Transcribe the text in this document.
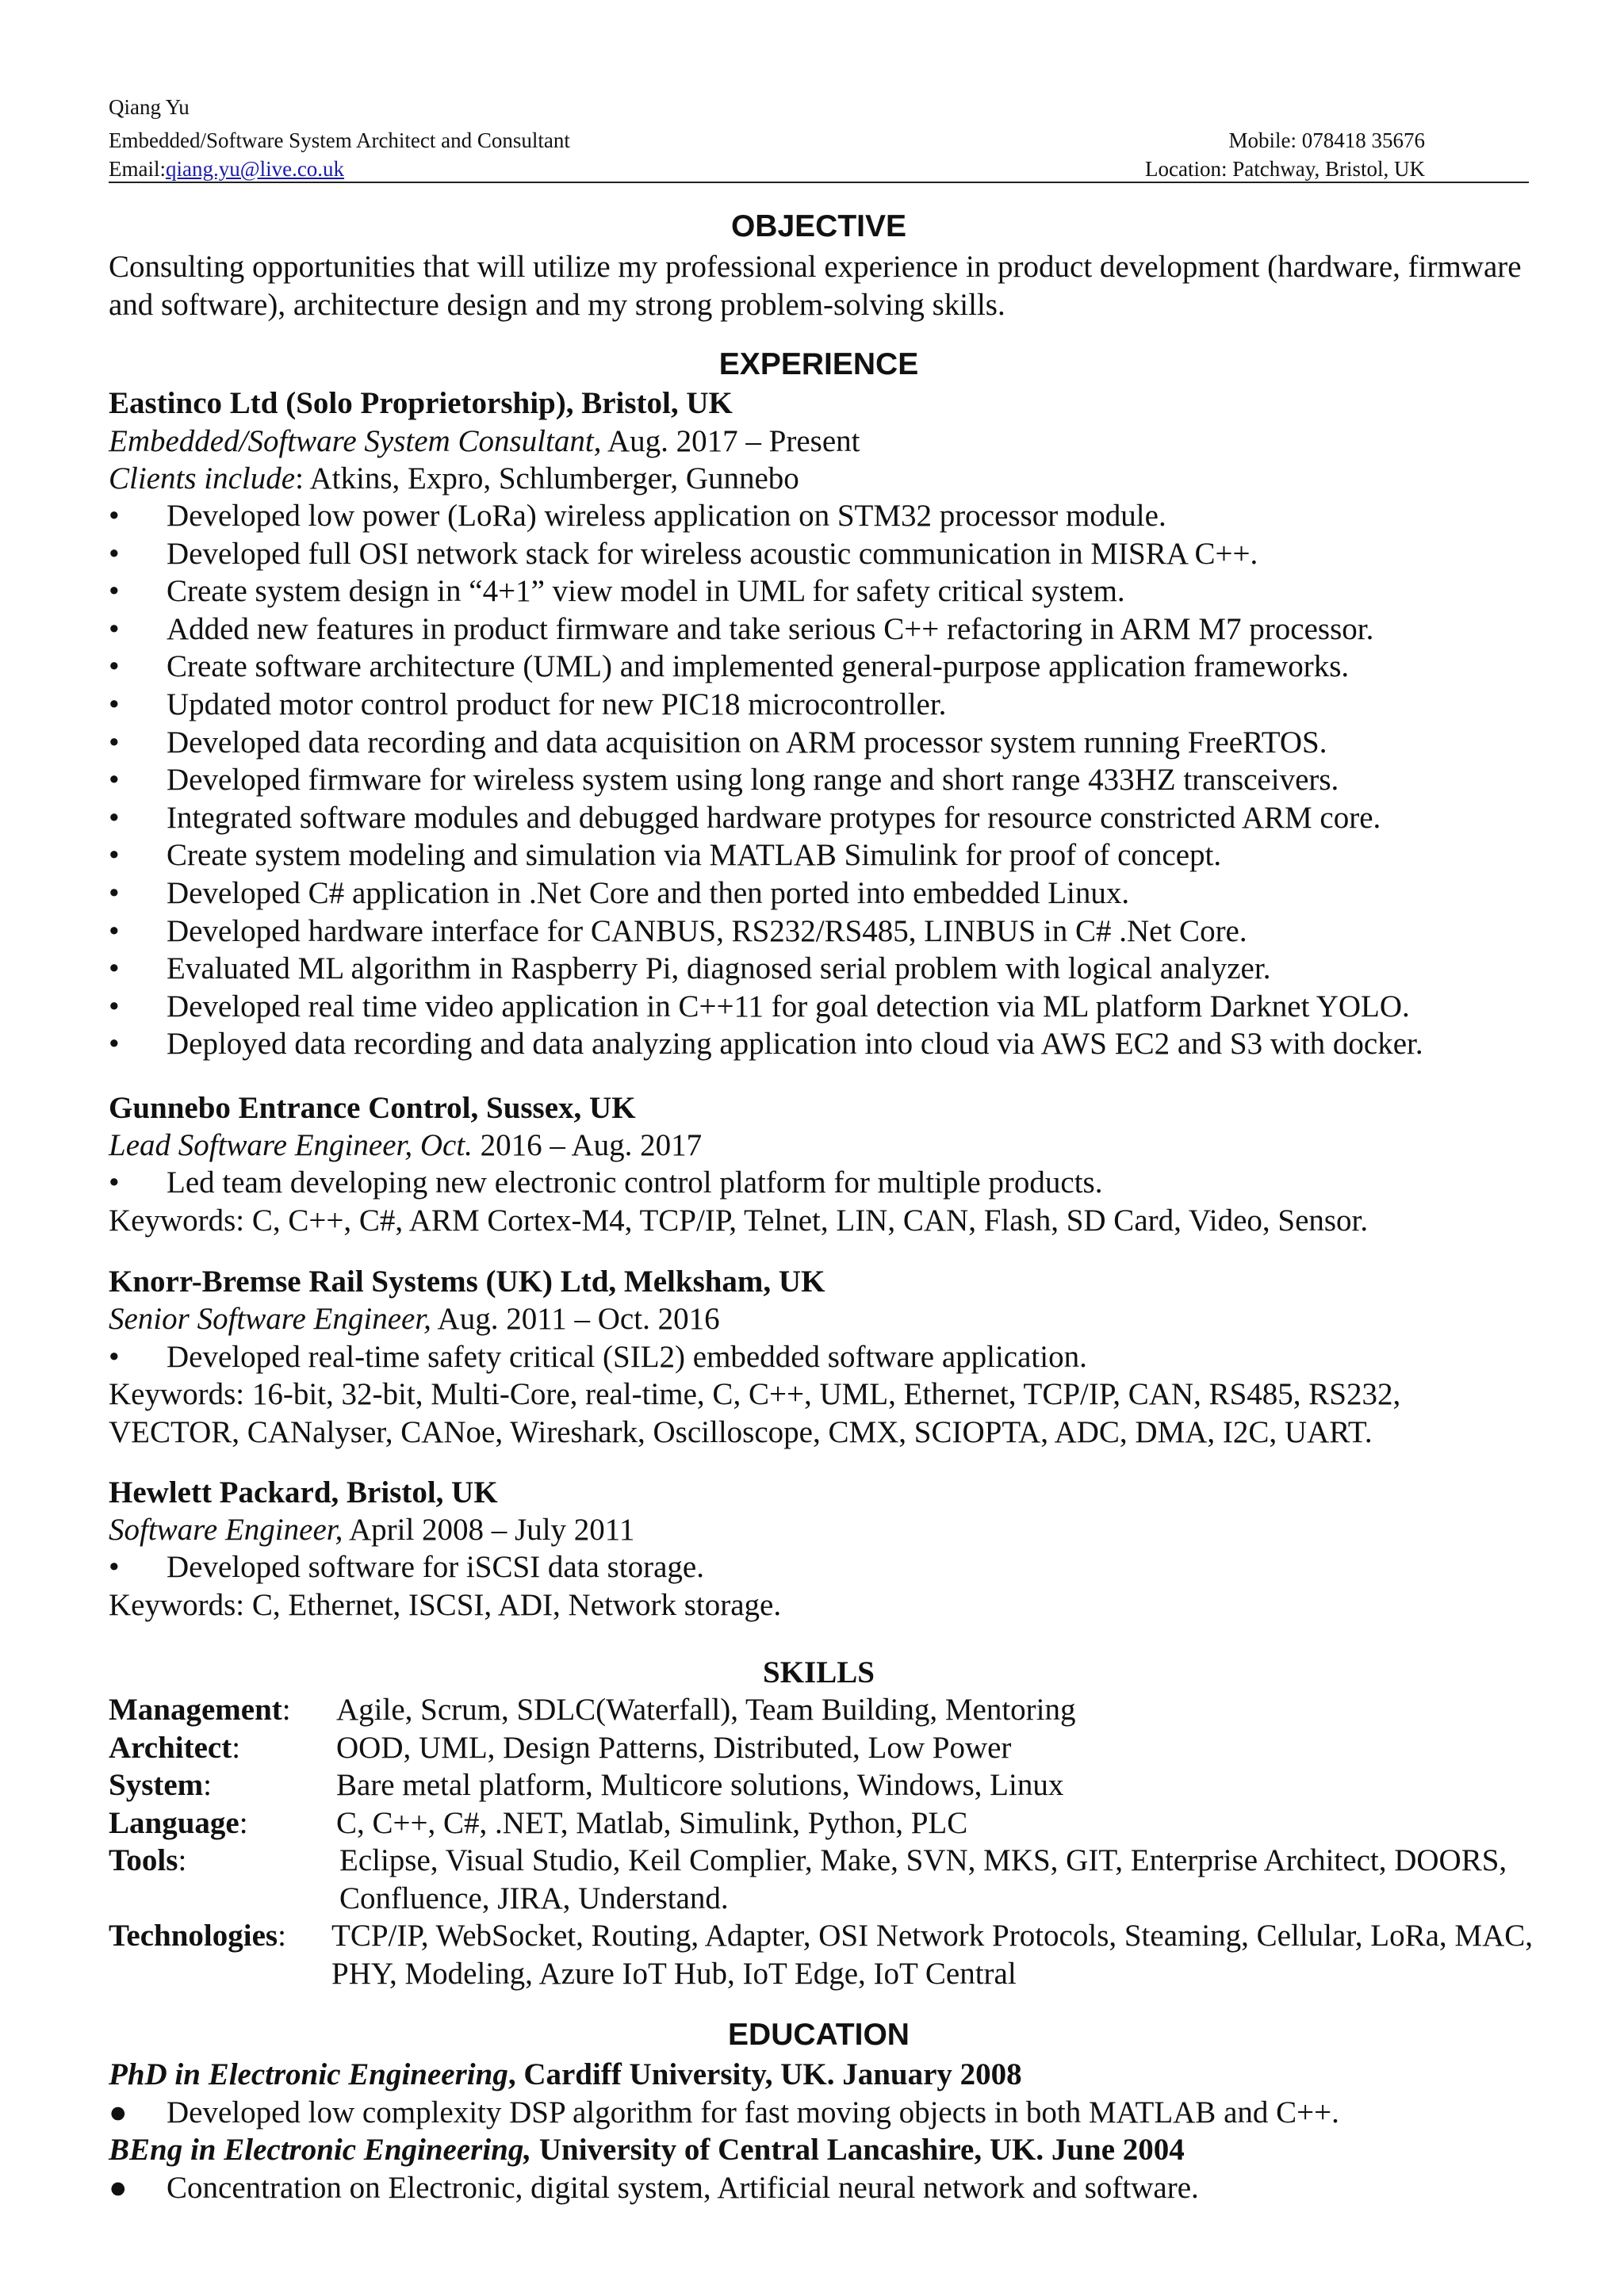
Qiang Yu
Embedded/Software System Architect and Consultant	Mobile: 078418 35676
Email:qiang.yu@live.co.uk	Location: Patchway, Bristol, UK
OBJECTIVE
Consulting opportunities that will utilize my professional experience in product development (hardware, firmware and software), architecture design and my strong problem-solving skills.
EXPERIENCE
Eastinco Ltd (Solo Proprietorship), Bristol, UK
Embedded/Software System Consultant, Aug. 2017 – Present
Clients include: Atkins, Expro, Schlumberger, Gunnebo
• Developed low power (LoRa) wireless application on STM32 processor module.
• Developed full OSI network stack for wireless acoustic communication in MISRA C++.
• Create system design in “4+1” view model in UML for safety critical system.
• Added new features in product firmware and take serious C++ refactoring in ARM M7 processor.
• Create software architecture (UML) and implemented general-purpose application frameworks.
• Updated motor control product for new PIC18 microcontroller.
• Developed data recording and data acquisition on ARM processor system running FreeRTOS.
• Developed firmware for wireless system using long range and short range 433HZ transceivers.
• Integrated software modules and debugged hardware protypes for resource constricted ARM core.
• Create system modeling and simulation via MATLAB Simulink for proof of concept.
• Developed C# application in .Net Core and then ported into embedded Linux.
• Developed hardware interface for CANBUS, RS232/RS485, LINBUS in C# .Net Core.
• Evaluated ML algorithm in Raspberry Pi, diagnosed serial problem with logical analyzer.
• Developed real time video application in C++11 for goal detection via ML platform Darknet YOLO.
• Deployed data recording and data analyzing application into cloud via AWS EC2 and S3 with docker.
Gunnebo Entrance Control, Sussex, UK
Lead Software Engineer, Oct. 2016 – Aug. 2017
• Led team developing new electronic control platform for multiple products.
Keywords: C, C++, C#, ARM Cortex-M4, TCP/IP, Telnet, LIN, CAN, Flash, SD Card, Video, Sensor.
Knorr-Bremse Rail Systems (UK) Ltd, Melksham, UK
Senior Software Engineer, Aug. 2011 – Oct. 2016
• Developed real-time safety critical (SIL2) embedded software application.
Keywords: 16-bit, 32-bit, Multi-Core, real-time, C, C++, UML, Ethernet, TCP/IP, CAN, RS485, RS232, VECTOR, CANalyser, CANoe, Wireshark, Oscilloscope, CMX, SCIOPTA, ADC, DMA, I2C, UART.
Hewlett Packard, Bristol, UK
Software Engineer, April 2008 – July 2011
• Developed software for iSCSI data storage.
Keywords: C, Ethernet, ISCSI, ADI, Network storage.
SKILLS
Management: Agile, Scrum, SDLC(Waterfall), Team Building, Mentoring
Architect:	OOD, UML, Design Patterns, Distributed, Low Power
System:	Bare metal platform, Multicore solutions, Windows, Linux
Language:	C, C++, C#, .NET, Matlab, Simulink, Python, PLC
Tools:	Eclipse, Visual Studio, Keil Complier, Make, SVN, MKS, GIT, Enterprise Architect, DOORS, Confluence, JIRA, Understand.
Technologies: TCP/IP, WebSocket, Routing, Adapter, OSI Network Protocols, Steaming, Cellular, LoRa, MAC, PHY, Modeling, Azure IoT Hub, IoT Edge, IoT Central
EDUCATION
PhD in Electronic Engineering, Cardiff University, UK. January 2008
● Developed low complexity DSP algorithm for fast moving objects in both MATLAB and C++.
BEng in Electronic Engineering, University of Central Lancashire, UK. June 2004
● Concentration on Electronic, digital system, Artificial neural network and software.
